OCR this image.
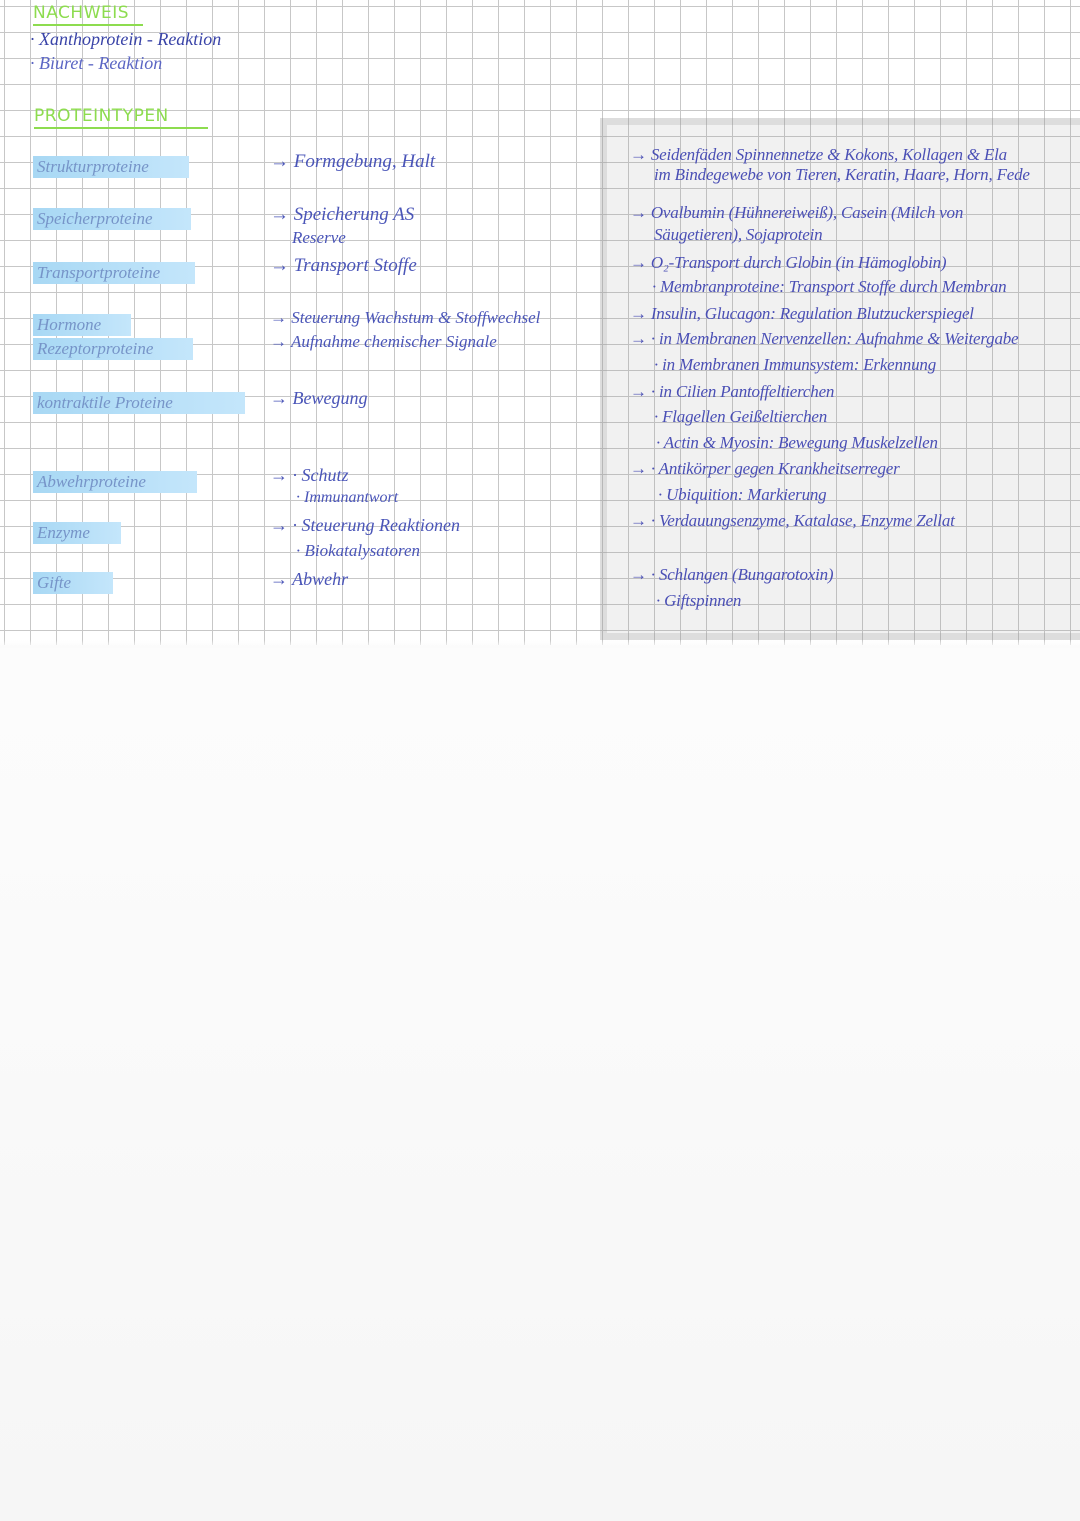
NACHWEIS
· Xanthoprotein - Reaktion
· Biuret - Reaktion
PROTEINTYPEN
Strukturproteine	→ Formgebung, Halt	→ Seidenfäden Spinnennetze & Kokons, Kollagen & Ela
im Bindegewebe von Tieren, Keratin, Haare, Horn, Fede
Speicherproteine	→ Speicherung AS
Reserve
→ Ovalbumin (Hühnereiweiß), Casein (Milch von
Säugetieren), Sojaprotein
Transportproteine	→ Transport Stoffe	→ O₂-Transport durch Globin (in Hämoglobin)
· Membranproteine: Transport Stoffe durch Membran
Hormone	→ Steuerung Wachstum & Stoffwechsel	→ Insulin, Glucagon: Regulation Blutzuckerspiegel
Rezeptorproteine	→ Aufnahme chemischer Signale	→ · in Membranen Nervenzellen: Aufnahme & Weitergabe
· in Membranen Immunsystem: Erkennung
kontraktile Proteine	→ Bewegung	→ · in Cilien Pantoffeltierchen
· Flagellen Geißeltierchen
· Actin & Myosin: Bewegung Muskelzellen
Abwehrproteine	→ · Schutz
· Immunantwort
→ · Antikörper gegen Krankheitserreger
· Ubiquition: Markierung
Enzyme	→ · Steuerung Reaktionen
· Biokatalysatoren
→ · Verdauungsenzyme, Katalase, Enzyme Zellat
Gifte	→ Abwehr	→ · Schlangen (Bungarotoxin)
· Giftspinnen
